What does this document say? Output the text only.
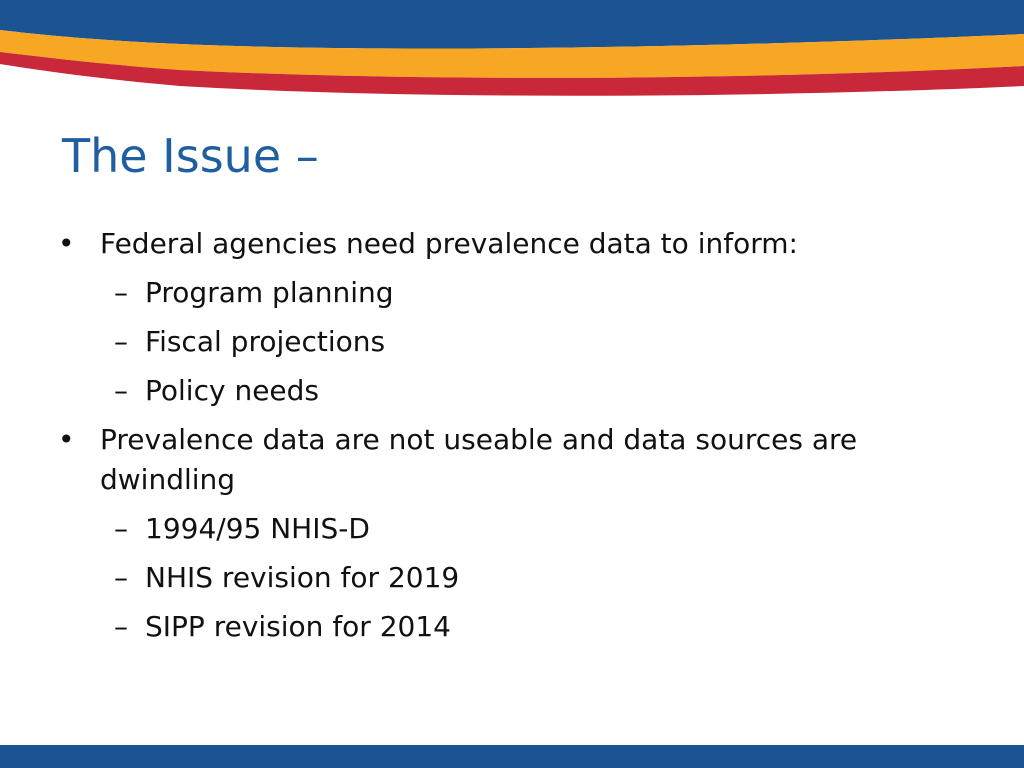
The Issue –
• Federal agencies need prevalence data to inform:
– Program planning
– Fiscal projections
– Policy needs
• Prevalence data are not useable and data sources are dwindling
– 1994/95 NHIS-D
– NHIS revision for 2019
– SIPP revision for 2014
